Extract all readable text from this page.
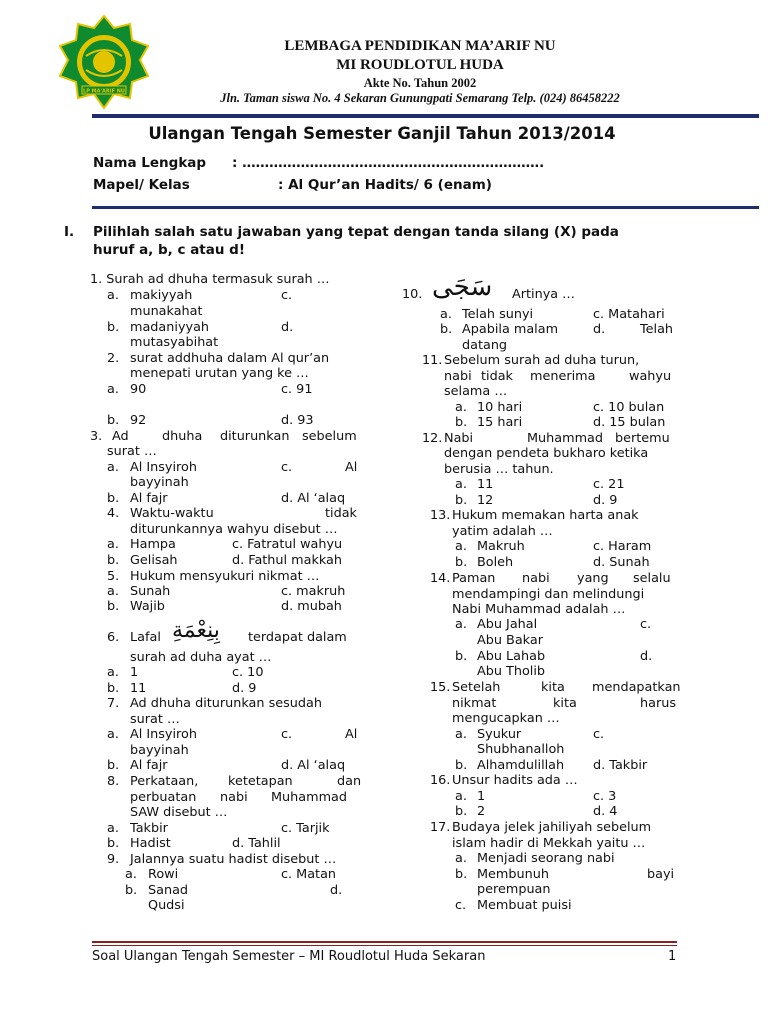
LP MA'ARIF NU
LEMBAGA PENDIDIKAN MA’ARIF NU
MI ROUDLOTUL HUDA
Akte No. Tahun 2002
Jln. Taman siswa No. 4 Sekaran Gunungpati Semarang Telp. (024) 86458222
Ulangan Tengah Semester Ganjil Tahun 2013/2014
Nama Lengkap : ………………………………………………………….
Mapel/ Kelas	: Al Qur’an Hadits/ 6 (enam)
I. Pilihlah salah satu jawaban yang tepat dengan tanda silang (X) pada
huruf a, b, c atau d!
1. Surah ad dhuha termasuk surah …
a. makiyyah	c.
munakahat
b. madaniyyah	d.
mutasyabihat
2. surat addhuha dalam Al qur’an
menepati urutan yang ke …
a. 90	c. 91
b. 92	d. 93
3. Ad	dhuha diturunkan sebelum
surat …
a. Al Insyiroh	c.	Al
bayyinah
b. Al fajr	d. Al ‘alaq
4. Waktu-waktu	tidak
diturunkannya wahyu disebut …
a. Hampa	c. Fatratul wahyu
b. Gelisah	d. Fathul makkah
5. Hukum mensyukuri nikmat …
a. Sunah	c. makruh
b. Wajib	d. mubah
6. Lafal بِنِعْمَةِ terdapat dalam
surah ad duha ayat …
a. 1	c. 10
b. 11	d. 9
7. Ad dhuha diturunkan sesudah
surat …
a. Al Insyiroh	c.	Al
bayyinah
b. Al fajr	d. Al ‘alaq
8. Perkataan, ketetapan	dan
perbuatan nabi Muhammad
SAW disebut …
a. Takbir	c. Tarjik
b. Hadist	d. Tahlil
9. Jalannya suatu hadist disebut …
a. Rowi	c. Matan
b. Sanad	d.
Qudsi
10. سَجَى Artinya …
a. Telah sunyi	c. Matahari
b. Apabila malam	d.	Telah
datang
11. Sebelum surah ad duha turun,
nabi tidak menerima	wahyu
selama …
a. 10 hari	c. 10 bulan
b. 15 hari	d. 15 bulan
12. Nabi	Muhammad bertemu
dengan pendeta bukharo ketika
berusia … tahun.
a. 11	c. 21
b. 12	d. 9
13. Hukum memakan harta anak
yatim adalah …
a. Makruh	c. Haram
b. Boleh	d. Sunah
14. Paman nabi yang selalu
mendampingi dan melindungi
Nabi Muhammad adalah …
a. Abu Jahal	c.
Abu Bakar
b. Abu Lahab	d.
Abu Tholib
15. Setelah	kita mendapatkan
nikmat	kita	harus
mengucapkan …
a. Syukur	c.
Shubhanalloh
b. Alhamdulillah d. Takbir
16. Unsur hadits ada …
a. 1	c. 3
b. 2	d. 4
17. Budaya jelek jahiliyah sebelum
islam hadir di Mekkah yaitu …
a. Menjadi seorang nabi
b. Membunuh	bayi
perempuan
c. Membuat puisi
Soal Ulangan Tengah Semester – MI Roudlotul Huda Sekaran	1
